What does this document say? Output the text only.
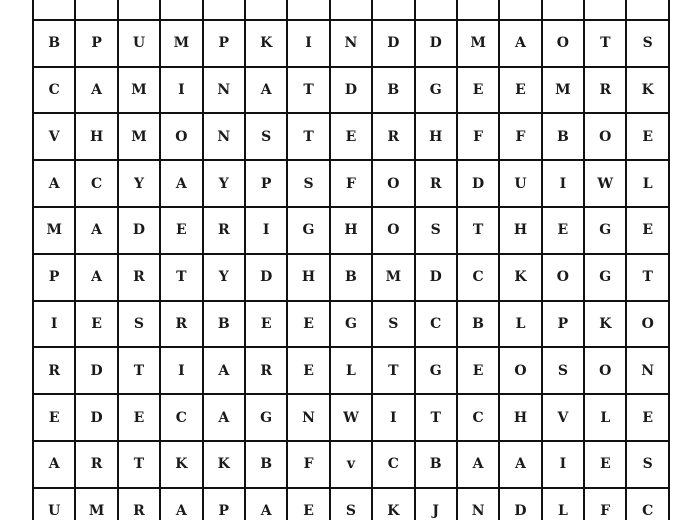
B	P	U	M	P	K	I	N	D	D	M	A	O	T	S
C	A	M	I	N	A	T	D	B	G	E	E	M	R	K
V	H	M	O	N	S	T	E	R	H	F	F	B	O	E
A	C	Y	A	Y	P	S	F	O	R	D	U	I	W	L
M	A	D	E	R	I	G	H	O	S	T	H	E	G	E
P	A	R	T	Y	D	H	B	M	D	C	K	O	G	T
I	E	S	R	B	E	E	G	S	C	B	L	P	K	O
R	D	T	I	A	R	E	L	T	G	E	O	S	O	N
E	D	E	C	A	G	N	W	I	T	C	H	V	L	E
A	R	T	K	K	B	F	v	C	B	A	A	I	E	S
U	M	R	A	P	A	E	S	K	J	N	D	L	F	C
